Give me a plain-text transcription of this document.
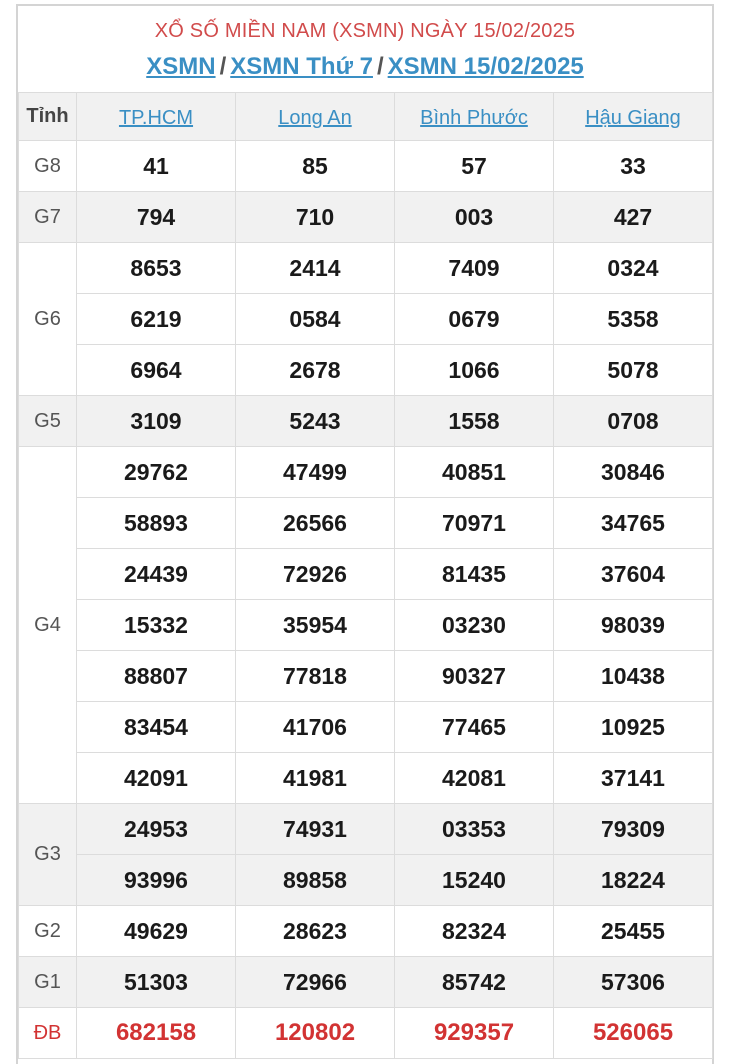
XỔ SỐ MIỀN NAM (XSMN) NGÀY 15/02/2025
XSMN / XSMN Thứ 7 / XSMN 15/02/2025
Tỉnh	TP.HCM	Long An	Bình Phước	Hậu Giang
G8	41	85	57	33
G7	794	710	003	427
G6	8653	2414	7409	0324
	6219	0584	0679	5358
	6964	2678	1066	5078
G5	3109	5243	1558	0708
G4	29762	47499	40851	30846
	58893	26566	70971	34765
	24439	72926	81435	37604
	15332	35954	03230	98039
	88807	77818	90327	10438
	83454	41706	77465	10925
	42091	41981	42081	37141
G3	24953	74931	03353	79309
	93996	89858	15240	18224
G2	49629	28623	82324	25455
G1	51303	72966	85742	57306
ĐB	682158	120802	929357	526065
